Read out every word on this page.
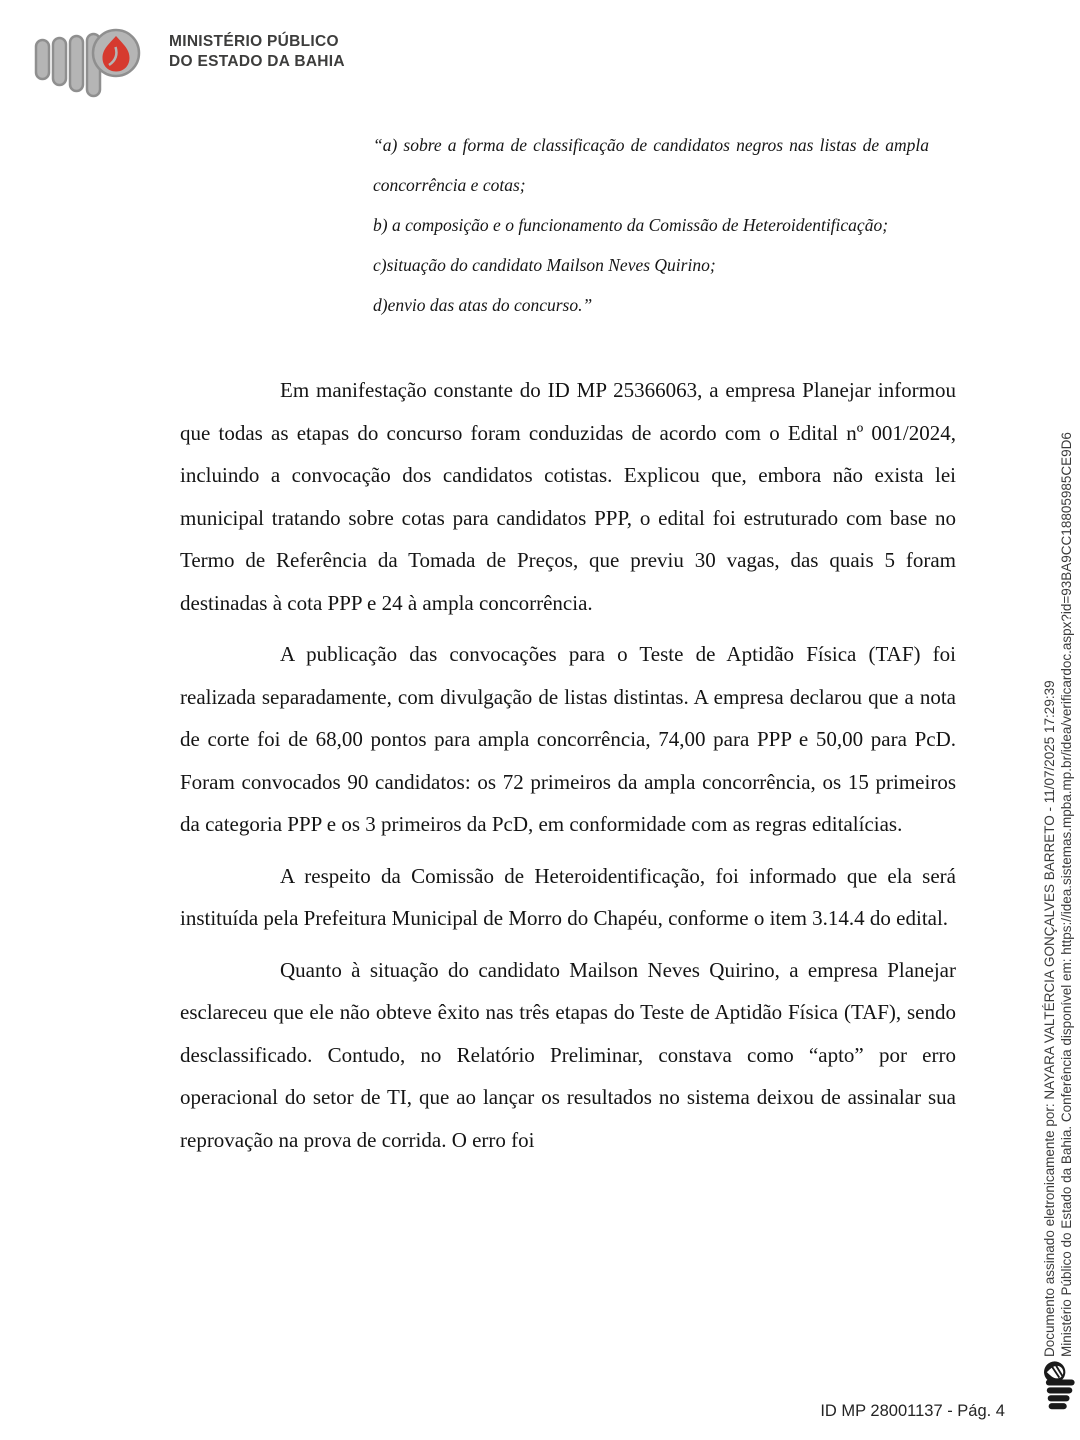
MINISTÉRIO PÚBLICO
DO ESTADO DA BAHIA

“a) sobre a forma de classificação de candidatos negros nas listas de ampla concorrência e cotas;

b) a composição e o funcionamento da Comissão de Heteroidentificação;

c)situação do candidato Mailson Neves Quirino;

d)envio das atas do concurso.”

Em manifestação constante do ID MP 25366063, a empresa Planejar informou que todas as etapas do concurso foram conduzidas de acordo com o Edital nº 001/2024, incluindo a convocação dos candidatos cotistas. Explicou que, embora não exista lei municipal tratando sobre cotas para candidatos PPP, o edital foi estruturado com base no Termo de Referência da Tomada de Preços, que previu 30 vagas, das quais 5 foram destinadas à cota PPP e 24 à ampla concorrência.

A publicação das convocações para o Teste de Aptidão Física (TAF) foi realizada separadamente, com divulgação de listas distintas. A empresa declarou que a nota de corte foi de 68,00 pontos para ampla concorrência, 74,00 para PPP e 50,00 para PcD. Foram convocados 90 candidatos: os 72 primeiros da ampla concorrência, os 15 primeiros da categoria PPP e os 3 primeiros da PcD, em conformidade com as regras editalícias.

A respeito da Comissão de Heteroidentificação, foi informado que ela será instituída pela Prefeitura Municipal de Morro do Chapéu, conforme o item 3.14.4 do edital.

Quanto à situação do candidato Mailson Neves Quirino, a empresa Planejar esclareceu que ele não obteve êxito nas três etapas do Teste de Aptidão Física (TAF), sendo desclassificado. Contudo, no Relatório Preliminar, constava como “apto” por erro operacional do setor de TI, que ao lançar os resultados no sistema deixou de assinalar sua reprovação na prova de corrida. O erro foi	Documento assinado eletronicamente por: NAYARA VALTÉRCIA GONÇALVES BARRETO - 11/07/2025 17:29:39 Ministério Público do Estado da Bahia. Conferência disponível em: https://idea.sistemas.mpba.mp.br/idea/verificardoc.aspx?id=93BA9CC18805985CE9D6
ID MP 28001137 - Pág. 4
